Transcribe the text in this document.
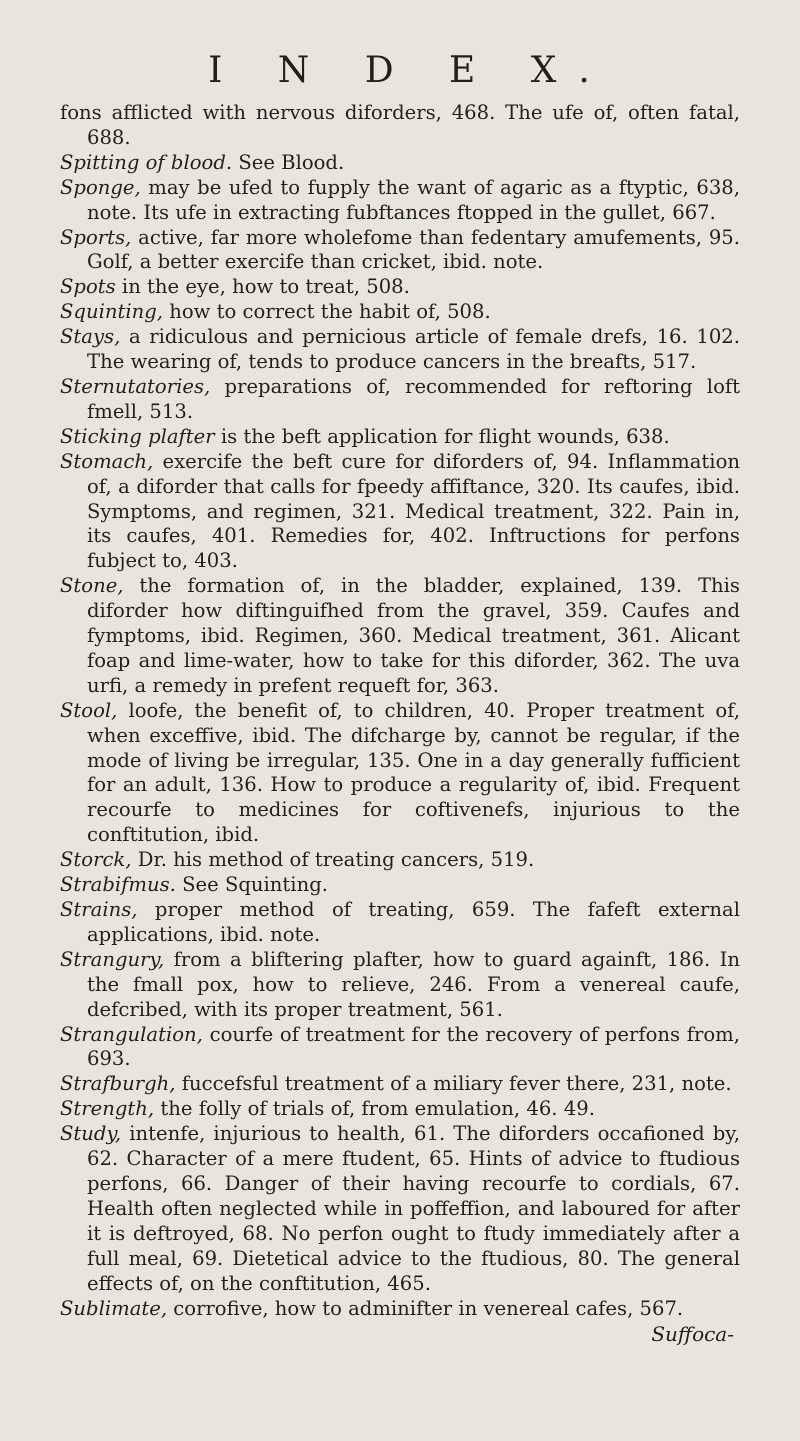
I N D E X.

fons afflicted with nervous diforders, 468. The ufe of, often fatal, 688.

Spitting of blood. See Blood.

Sponge, may be ufed to fupply the want of agaric as a ftyptic, 638, note. Its ufe in extracting fubftances ftopped in the gullet, 667.

Sports, active, far more wholefome than fedentary amufements, 95. Golf, a better exercife than cricket, ibid. note.

Spots in the eye, how to treat, 508.

Squinting, how to correct the habit of, 508.

Stays, a ridiculous and pernicious article of female drefs, 16. 102. The wearing of, tends to produce cancers in the breafts, 517.

Sternutatories, preparations of, recommended for reftoring loft fmell, 513.

Sticking plafter is the beft application for flight wounds, 638.

Stomach, exercife the beft cure for diforders of, 94. Inflammation of, a diforder that calls for fpeedy affiftance, 320. Its caufes, ibid. Symptoms, and regimen, 321. Medical treatment, 322. Pain in, its caufes, 401. Remedies for, 402. Inftructions for perfons fubject to, 403.

Stone, the formation of, in the bladder, explained, 139. This diforder how diftinguifhed from the gravel, 359. Caufes and fymptoms, ibid. Regimen, 360. Medical treatment, 361. Alicant foap and lime-water, how to take for this diforder, 362. The uva urfi, a remedy in prefent requeft for, 363.

Stool, loofe, the benefit of, to children, 40. Proper treatment of, when exceffive, ibid. The difcharge by, cannot be regular, if the mode of living be irregular, 135. One in a day generally fufficient for an adult, 136. How to produce a regularity of, ibid. Frequent recourfe to medicines for coftivenefs, injurious to the conftitution, ibid.

Storck, Dr. his method of treating cancers, 519.

Strabifmus. See Squinting.

Strains, proper method of treating, 659. The fafeft external applications, ibid. note.

Strangury, from a bliftering plafter, how to guard againft, 186. In the fmall pox, how to relieve, 246. From a venereal caufe, defcribed, with its proper treatment, 561.

Strangulation, courfe of treatment for the recovery of perfons from, 693.

Strafburgh, fuccefsful treatment of a miliary fever there, 231, note.

Strength, the folly of trials of, from emulation, 46. 49.

Study, intenfe, injurious to health, 61. The diforders occafioned by, 62. Character of a mere ftudent, 65. Hints of advice to ftudious perfons, 66. Danger of their having recourfe to cordials, 67. Health often neglected while in poffeffion, and laboured for after it is deftroyed, 68. No perfon ought to ftudy immediately after a full meal, 69. Dietetical advice to the ftudious, 80. The general effects of, on the conftitution, 465.

Sublimate, corrofive, how to adminifter in venereal cafes, 567.

Suffoca-
